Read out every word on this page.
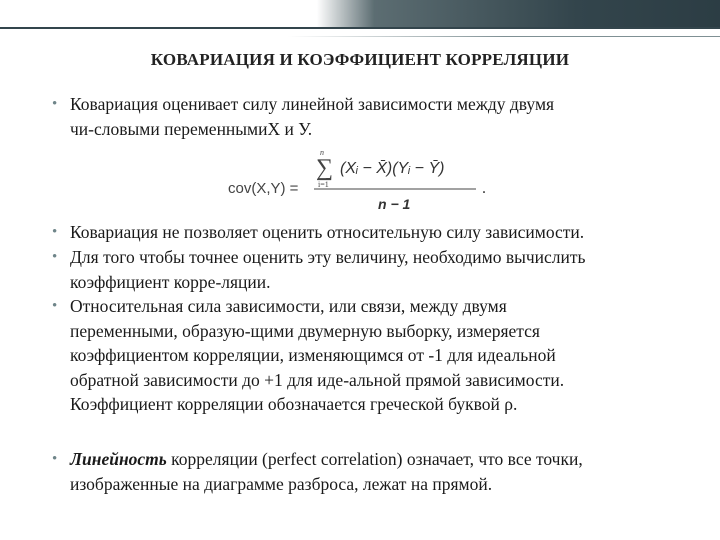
КОВАРИАЦИЯ И КОЭФФИЦИЕНТ КОРРЕЛЯЦИИ
• Ковариация оценивает силу линейной зависимости между двумя
чи-словыми переменнымиX и У.
• Ковариация не позволяет оценить относительную силу зависимости.
• Для того чтобы точнее оценить эту величину, необходимо вычислить
коэффициент корре-ляции.
• Относительная сила зависимости, или связи, между двумя
переменными, образую-щими двумерную выборку, измеряется
коэффициентом корреляции, изменяющимся от -1 для идеальной
обратной зависимости до +1 для иде-альной прямой зависимости.
Коэффициент корреляции обозначается греческой буквой ρ.
• Линейность корреляции (perfect correlation) означает, что все точки,
изображенные на диаграмме разброса, лежат на прямой.
cov(X,Y) =
n
∑
i=1
(Xᵢ − X̄)(Yᵢ − Ȳ)
n − 1
.
